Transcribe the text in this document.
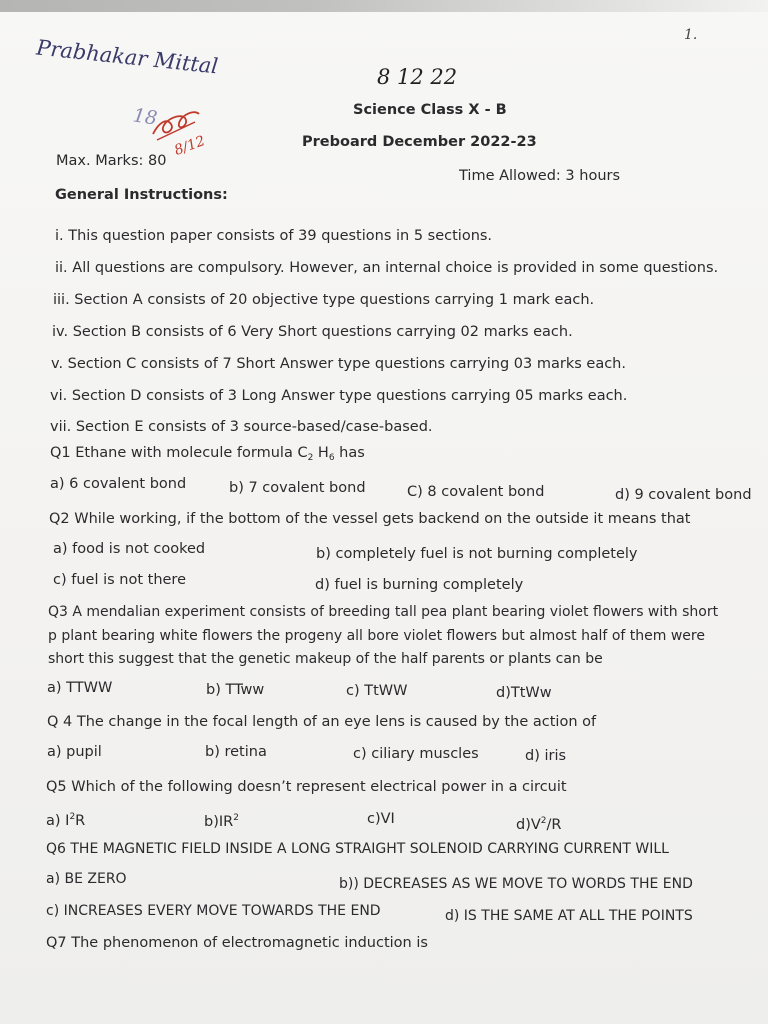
Prabhakar Mittal	8 12 22
1.
18
8/12
Science Class X - B
Preboard December 2022-23
Max. Marks: 80
Time Allowed: 3 hours
General Instructions:
i. This question paper consists of 39 questions in 5 sections.
ii. All questions are compulsory. However, an internal choice is provided in some questions.
iii. Section A consists of 20 objective type questions carrying 1 mark each.
iv. Section B consists of 6 Very Short questions carrying 02 marks each.
v. Section C consists of 7 Short Answer type questions carrying 03 marks each.
vi. Section D consists of 3 Long Answer type questions carrying 05 marks each.
vii. Section E consists of 3 source-based/case-based.
Q1 Ethane with molecule formula $C_2$ $H_6$ has
a) 6 covalent bond	b) 7 covalent bond	C) 8 covalent bond	d) 9 covalent bond
Q2 While working, if the bottom of the vessel gets backend on the outside it means that
a) food is not cooked	b) completely fuel is not burning completely
c) fuel is not there	d) fuel is burning completely
Q3 A mendalian experiment consists of breeding tall pea plant bearing violet flowers with short
p plant bearing white flowers the progeny all bore violet flowers but almost half of them were
short this suggest that the genetic makeup of the half parents or plants can be
a) TTWW	b) TTww	c) TtWW	d)TtWw
Q 4 The change in the focal length of an eye lens is caused by the action of
a) pupil	b) retina	c) ciliary muscles	d) iris
Q5 Which of the following doesn’t represent electrical power in a circuit
a) $I^2R$	$b)IR^2$	c)VI	$d)V^2/R$
Q6 THE MAGNETIC FIELD INSIDE A LONG STRAIGHT SOLENOID CARRYING CURRENT WILL
a) BE ZERO	b)) DECREASES AS WE MOVE TO WORDS THE END
c) INCREASES EVERY MOVE TOWARDS THE END	d) IS THE SAME AT ALL THE POINTS
Q7 The phenomenon of electromagnetic induction is
